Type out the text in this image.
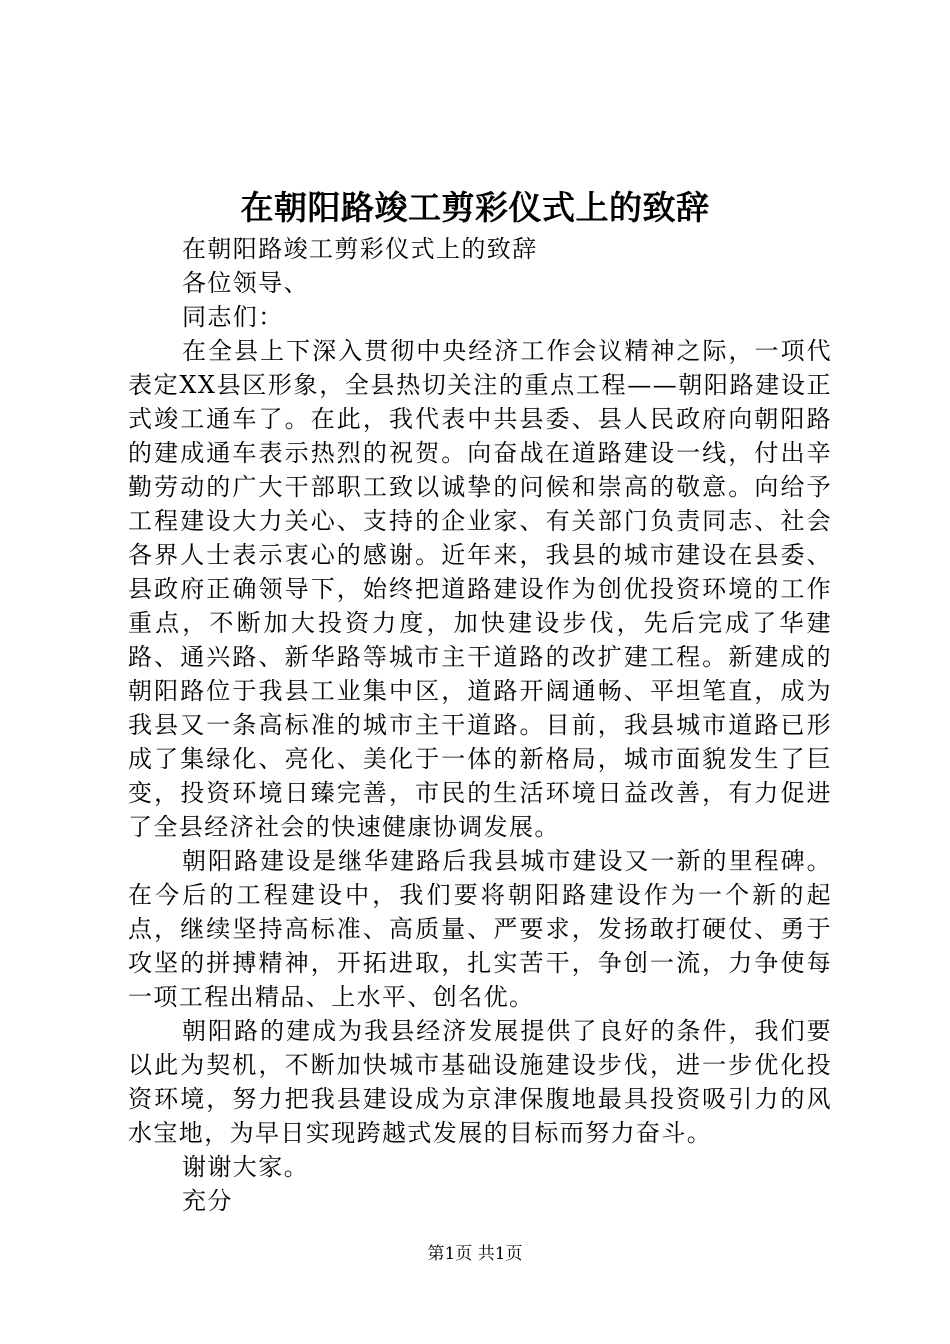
在朝阳路竣工剪彩仪式上的致辞

在朝阳路竣工剪彩仪式上的致辞

各位领导、

同志们：

在全县上下深入贯彻中央经济工作会议精神之际，一项代表定XX县区形象，全县热切关注的重点工程——朝阳路建设正式竣工通车了。在此，我代表中共县委、县人民政府向朝阳路的建成通车表示热烈的祝贺。向奋战在道路建设一线，付出辛勤劳动的广大干部职工致以诚挚的问候和崇高的敬意。向给予工程建设大力关心、支持的企业家、有关部门负责同志、社会各界人士表示衷心的感谢。近年来，我县的城市建设在县委、县政府正确领导下，始终把道路建设作为创优投资环境的工作重点，不断加大投资力度，加快建设步伐，先后完成了华建路、通兴路、新华路等城市主干道路的改扩建工程。新建成的朝阳路位于我县工业集中区，道路开阔通畅、平坦笔直，成为我县又一条高标准的城市主干道路。目前，我县城市道路已形成了集绿化、亮化、美化于一体的新格局，城市面貌发生了巨变，投资环境日臻完善，市民的生活环境日益改善，有力促进了全县经济社会的快速健康协调发展。

朝阳路建设是继华建路后我县城市建设又一新的里程碑。在今后的工程建设中，我们要将朝阳路建设作为一个新的起点，继续坚持高标准、高质量、严要求，发扬敢打硬仗、勇于攻坚的拼搏精神，开拓进取，扎实苦干，争创一流，力争使每一项工程出精品、上水平、创名优。

朝阳路的建成为我县经济发展提供了良好的条件，我们要以此为契机，不断加快城市基础设施建设步伐，进一步优化投资环境，努力把我县建设成为京津保腹地最具投资吸引力的风水宝地，为早日实现跨越式发展的目标而努力奋斗。

谢谢大家。

充分

第1页 共1页
